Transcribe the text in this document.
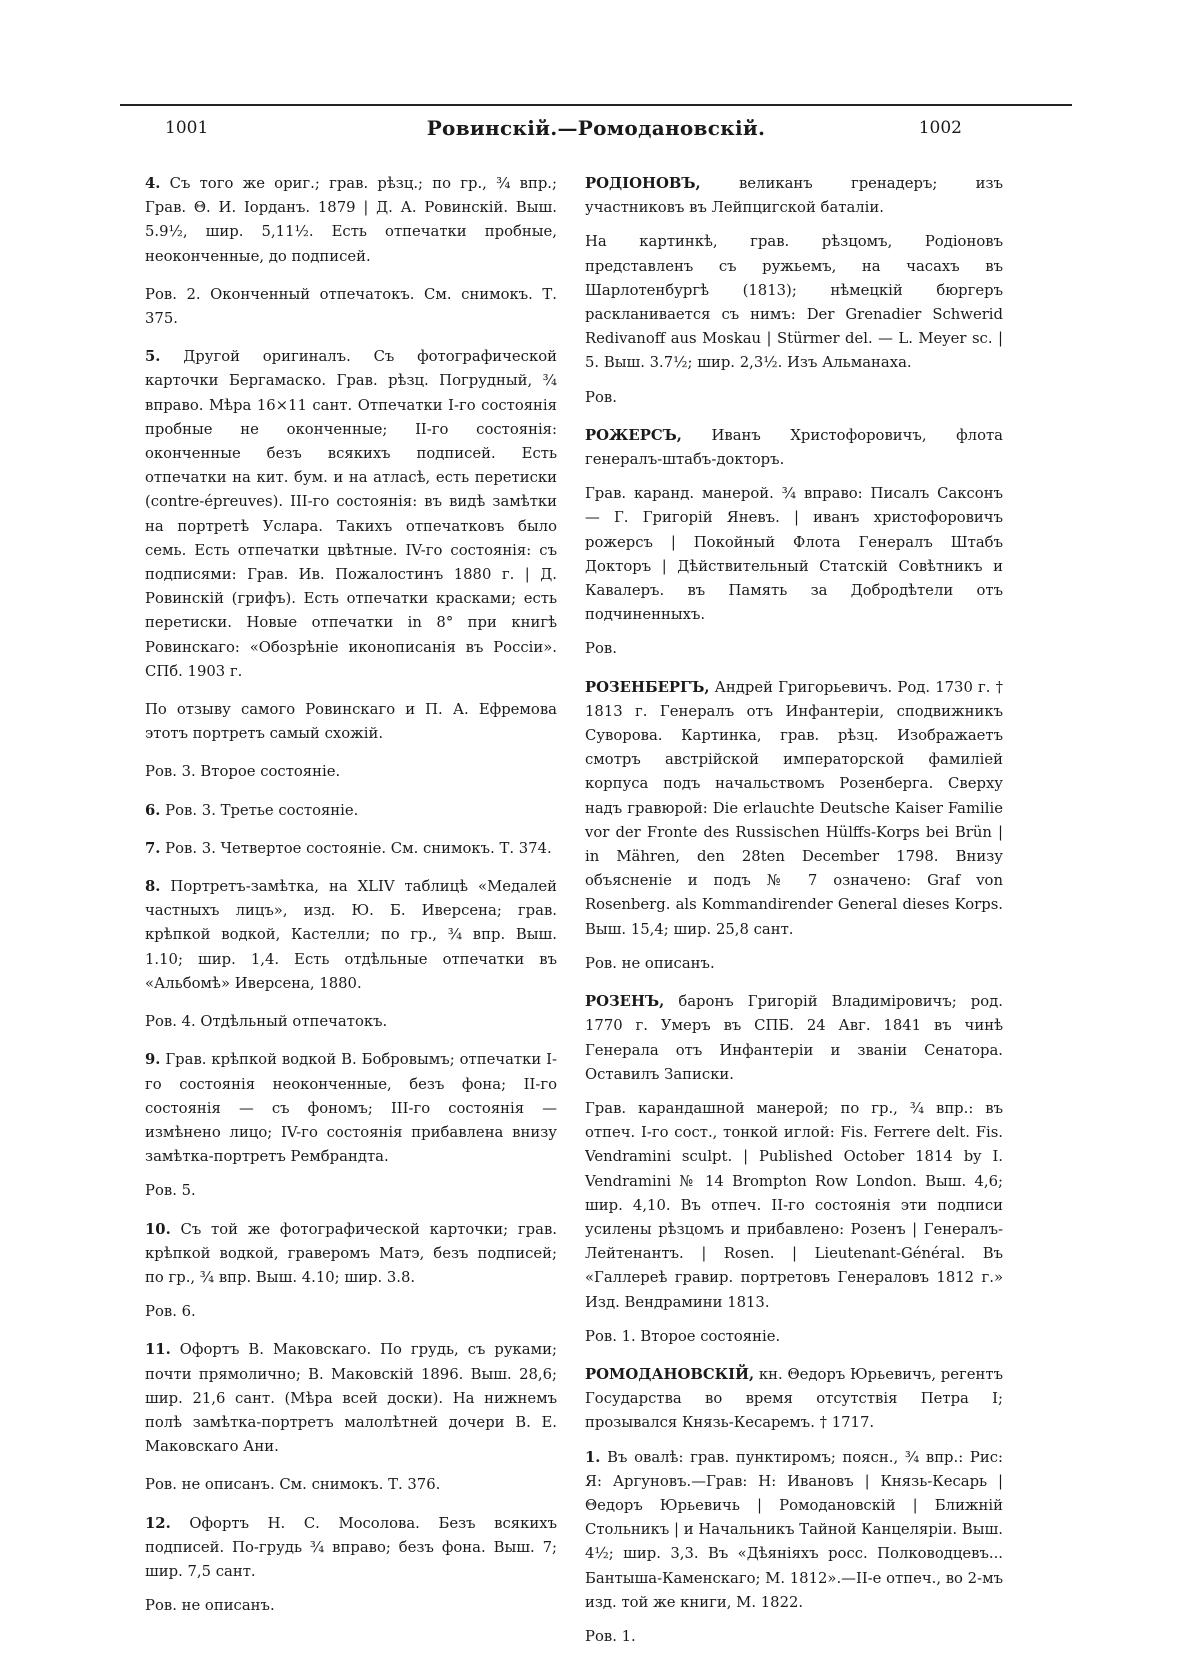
1001	Ровинскій.—Ромодановскій.	1002

4. Съ того же ориг.; грав. рѣзц.; по гр., ¾ впр.; Грав. Θ. И. Іорданъ. 1879 | Д. А. Ровинскій. Выш. 5.9½, шир. 5,11½. Есть отпечатки пробные, неоконченные, до подписей.

Ров. 2. Оконченный отпечатокъ. См. снимокъ. Т. 375.

5. Другой оригиналъ. Съ фотографической карточки Бергамаско. Грав. рѣзц. Погрудный, ¾ вправо. Мѣра 16×11 сант. Отпечатки I-го состоянія пробные не оконченные; II-го состоянія: оконченные безъ всякихъ подписей. Есть отпечатки на кит. бум. и на атласѣ, есть перетиски (contre-épreuves). III-го состоянія: въ видѣ замѣтки на портретѣ Услара. Такихъ отпечатковъ было семь. Есть отпечатки цвѣтные. IV-го состоянія: съ подписями: Грав. Ив. Пожалостинъ 1880 г. | Д. Ровинскій (грифъ). Есть отпечатки красками; есть перетиски. Новые отпечатки in 8° при книгѣ Ровинскаго: «Обозрѣніе иконописанія въ Россіи». СПб. 1903 г.

По отзыву самого Ровинскаго и П. А. Ефремова этотъ портретъ самый схожій.

Ров. 3. Второе состояніе.

6. Ров. 3. Третье состояніе.

7. Ров. 3. Четвертое состояніе. См. снимокъ. Т. 374.

8. Портретъ-замѣтка, на XLIV таблицѣ «Медалей частныхъ лицъ», изд. Ю. Б. Иверсена; грав. крѣпкой водкой, Кастелли; по гр., ¾ впр. Выш. 1.10; шир. 1,4. Есть отдѣльные отпечатки въ «Альбомѣ» Иверсена, 1880.

Ров. 4. Отдѣльный отпечатокъ.

9. Грав. крѣпкой водкой В. Бобровымъ; отпечатки I-го состоянія неоконченные, безъ фона; II-го состоянія — съ фономъ; III-го состоянія — измѣнено лицо; IV-го состоянія прибавлена внизу замѣтка-портретъ Рембрандта.

Ров. 5.

10. Съ той же фотографической карточки; грав. крѣпкой водкой, граверомъ Матэ, безъ подписей; по гр., ¾ впр. Выш. 4.10; шир. 3.8.

Ров. 6.

11. Офортъ В. Маковскаго. По грудь, съ руками; почти прямолично; В. Маковскій 1896. Выш. 28,6; шир. 21,6 сант. (Мѣра всей доски). На нижнемъ полѣ замѣтка-портретъ малолѣтней дочери В. Е. Маковскаго Ани.

Ров. не описанъ. См. снимокъ. Т. 376.

12. Офортъ Н. С. Мосолова. Безъ всякихъ подписей. По-грудь ¾ вправо; безъ фона. Выш. 7; шир. 7,5 сант.

Ров. не описанъ.

РОДІОНОВЪ,	великанъ гренадеръ; изъ участниковъ въ Лейпцигской баталіи.

На картинкѣ, грав. рѣзцомъ, Родіоновъ представленъ съ ружьемъ, на часахъ въ Шарлотенбургѣ (1813); нѣмецкій бюргеръ раскланивается съ нимъ: Der Grenadier Schwerid Redivanoff aus Moskau | Stürmer del. — L. Meyer sc. | 5. Выш. 3.7½; шир. 2,3½. Изъ Альманаха.

Ров.

РОЖЕРСЪ, Иванъ Христофоровичъ, флота генералъ-штабъ-докторъ.

Грав. каранд. манерой. ¾ вправо: Писалъ Саксонъ — Г. Григорій Яневъ. | иванъ христофоровичъ рожерсъ | Покойный Флота Генералъ Штабъ Докторъ | Дѣйствительный Статскій Совѣтникъ и Кавалеръ. въ Память за Добродѣтели отъ подчиненныхъ.

Ров.

РОЗЕНБЕРГЪ, Андрей Григорьевичъ. Род. 1730 г. † 1813 г. Генералъ отъ Инфантеріи, сподвижникъ Суворова. Картинка, грав. рѣзц. Изображаетъ смотръ австрійской императорской фамиліей корпуса подъ начальствомъ Розенберга. Сверху надъ гравюрой: Die erlauchte Deutsche Kaiser Familie vor der Fronte des Russischen Hülffs-Korps bei Brün | in Mähren, den 28ten December 1798. Внизу объясненіе и подъ № 7 означено: Graf von Rosenberg. als Kommandirender General dieses Korps. Выш. 15,4; шир. 25,8 сант.

Ров. не описанъ.

РОЗЕНЪ, баронъ Григорій Владиміровичъ; род. 1770 г. Умеръ въ СПБ. 24 Авг. 1841 въ чинѣ Генерала отъ Инфантеріи и званіи Сенатора. Оставилъ Записки.

Грав. карандашной манерой; по гр., ¾ впр.: въ отпеч. I-го сост., тонкой иглой: Fis. Ferrere delt. Fis. Vendramini sculpt. | Published October 1814 by I. Vendramini № 14 Brompton Row London. Выш. 4,6; шир. 4,10. Въ отпеч. II-го состоянія эти подписи усилены рѣзцомъ и прибавлено: Розенъ | Генералъ-Лейтенантъ. | Rosen. | Lieutenant-Général. Въ «Галлереѣ гравир. портретовъ Генераловъ 1812 г.» Изд. Вендрамини 1813.

Ров. 1. Второе состояніе.

РОМОДАНОВСКІЙ, кн. Θедоръ Юрьевичъ, регентъ Государства во время отсутствія Петра I; прозывался Князь-Кесаремъ. † 1717.

1. Въ овалѣ: грав. пунктиромъ; поясн., ¾ впр.: Рис: Я: Аргуновъ.—Грав: Н: Ивановъ | Князь-Кесарь | Θедоръ Юрьевичь | Ромодановскій | Ближній Стольникъ | и Начальникъ Тайной Канцеляріи. Выш. 4½; шир. 3,3. Въ «Дѣяніяхъ росс. Полководцевъ... Бантыша-Каменскаго; М. 1812».—II-е отпеч., во 2-мъ изд. той же книги, М. 1822.

Ров. 1.
